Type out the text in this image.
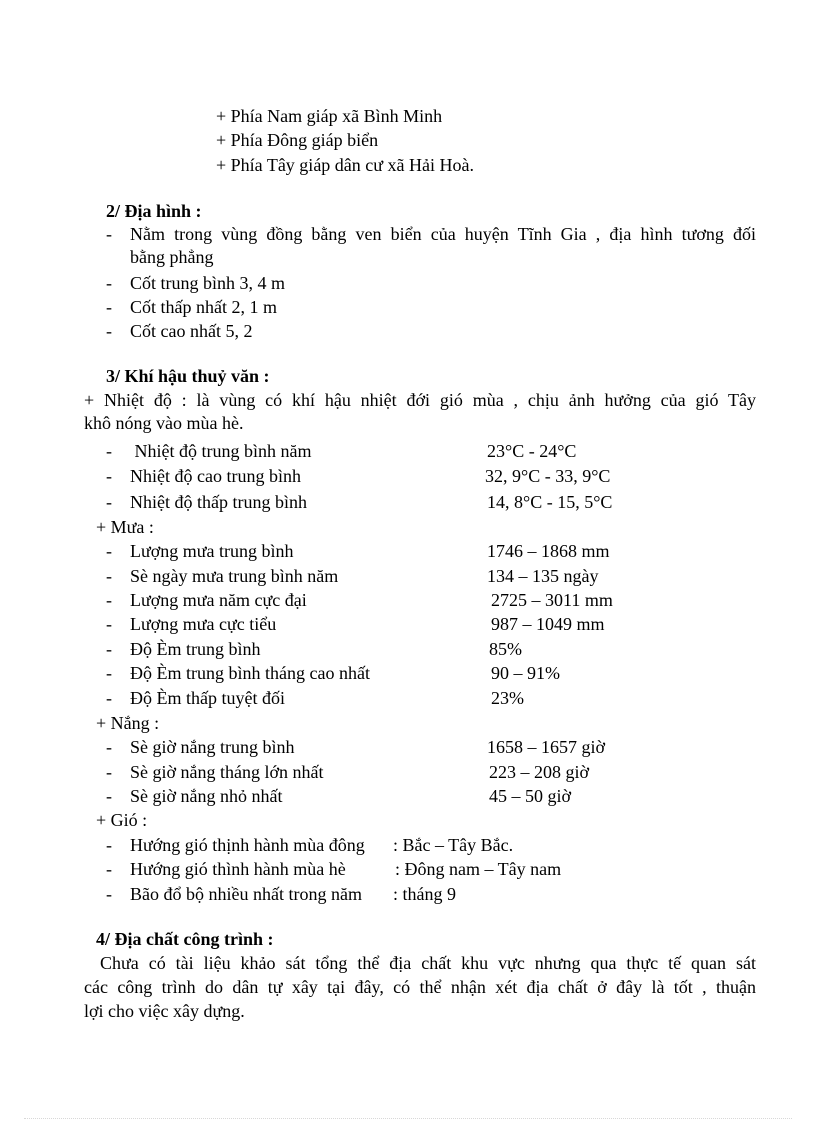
+ Phía Nam giáp xã Bình Minh
+ Phía Đông giáp biển
+ Phía Tây giáp dân cư xã Hải Hoà.
2/ Địa hình :
- Nằm trong vùng đồng bằng ven biển của huyện Tĩnh Gia , địa hình tương đối
bằng phẳng
- Cốt trung bình 3, 4 m
- Cốt thấp nhất 2, 1 m
- Cốt cao nhất 5, 2
3/ Khí hậu thuỷ văn :
+ Nhiệt độ : là vùng có khí hậu nhiệt đới gió mùa , chịu ảnh hưởng của gió Tây
khô nóng vào mùa hè.
- Nhiệt độ trung bình năm	23°C - 24°C
- Nhiệt độ cao trung bình	32, 9°C - 33, 9°C
- Nhiệt độ thấp trung bình	14, 8°C - 15, 5°C
+ Mưa :
- Lượng mưa trung bình	1746 – 1868 mm
- Sè ngày mưa trung bình năm	134 – 135 ngày
- Lượng mưa năm cực đại	2725 – 3011 mm
- Lượng mưa cực tiểu	987 – 1049 mm
- Độ Èm trung bình	85%
- Độ Èm trung bình tháng cao nhất	90 – 91%
- Độ Èm thấp tuyệt đối	23%
+ Nắng :
- Sè giờ nắng trung bình	1658 – 1657 giờ
- Sè giờ nắng tháng lớn nhất	223 – 208 giờ
- Sè giờ nắng nhỏ nhất	45 – 50 giờ
+ Gió :
- Hướng gió thịnh hành mùa đông : Bắc – Tây Bắc.
- Hướng gió thình hành mùa hè	: Đông nam – Tây nam
- Bão đổ bộ nhiều nhất trong năm : tháng 9
4/ Địa chất công trình :
Chưa có tài liệu khảo sát tổng thể địa chất khu vực nhưng qua thực tế quan sát
các công trình do dân tự xây tại đây, có thể nhận xét địa chất ở đây là tốt , thuận
lợi cho việc xây dựng.
